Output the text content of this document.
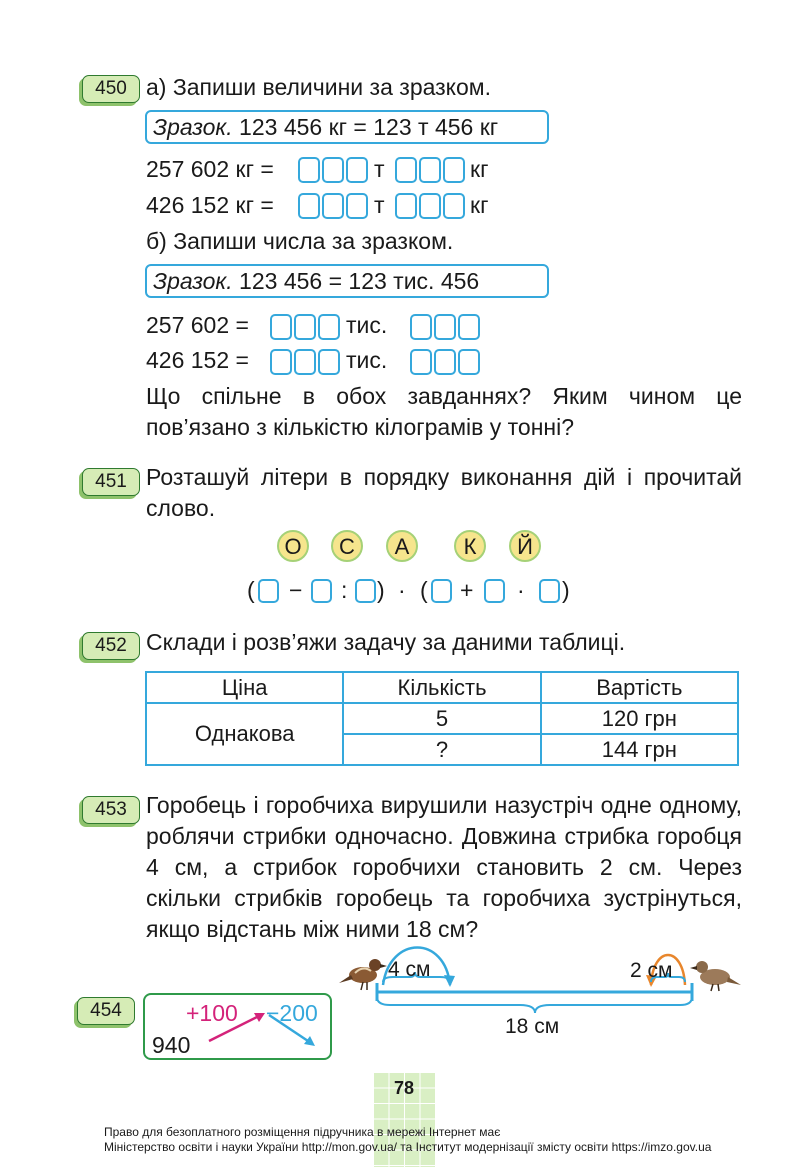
450 а) Запиши величини за зразком.
Зразок. 123 456 кг = 123 т 456 кг
257 602 кг =	т	кг
426 152 кг =	т	кг
б) Запиши числа за зразком.
Зразок. 123 456 = 123 тис. 456
257 602 =	тис.
426 152 =	тис.
Що спільне в обох завданнях? Яким чином це пов’язано з кількістю кілограмів у тонні?
451 Розташуй літери в порядку виконання дій і прочитай слово.
О	С	А	К	Й
( − : ) · ( + · )
452 Склади і розв’яжи задачу за даними таблиці.
Ціна	Кількість	Вартість
Однакова	5	120 грн
	?	144 грн
453 Горобець і горобчиха вирушили назустріч одне одному, роблячи стрибки одночасно. Довжина стрибка горобця 4 см, а стрибок горобчихи становить 2 см. Через скільки стрибків горобець та горобчиха зустрінуться, якщо відстань між ними 18 см?
4 см	2 см
18 см
454
940
+100 −200
78
Право для безоплатного розміщення підручника в мережі Інтернет має
Міністерство освіти і науки України http://mon.gov.ua/ та Інститут модернізації змісту освіти https://imzo.gov.ua
